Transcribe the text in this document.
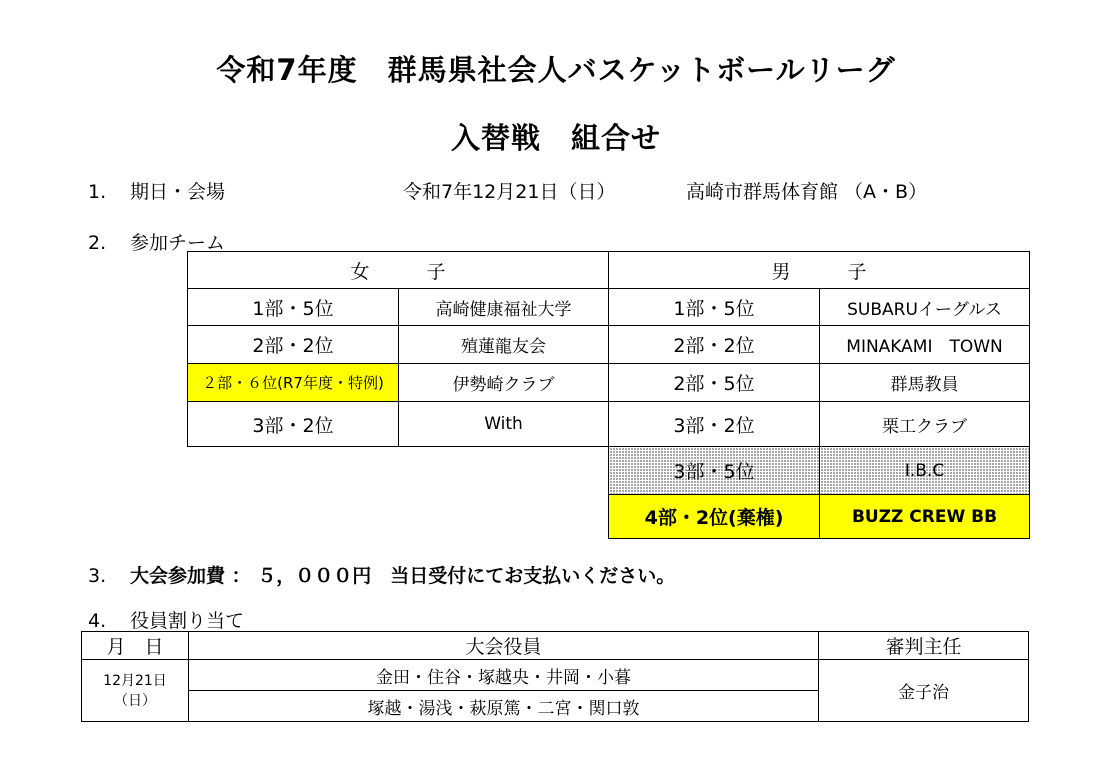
令和7年度　群馬県社会人バスケットボールリーグ
入替戦　組合せ
1. 期日・会場	令和7年12月21日（日）	高崎市群馬体育館 （A・B）
2. 参加チーム
女　　　子		男　　　子	
1部・5位	高崎健康福祉大学	1部・5位	SUBARUイーグルス
2部・2位	殖蓮龍友会	2部・2位	MINAKAMI　TOWN
２部・６位(R7年度・特例)	伊勢崎クラブ	2部・5位	群馬教員
3部・2位	With	3部・2位	栗工クラブ
		3部・5位	I.B.C
		4部・2位(棄権)	BUZZ CREW BB
3. 大会参加費 ： ５，０００円　当日受付にてお支払いください。
4. 役員割り当て
月　日	大会役員	審判主任

12月21日
（日）	金田・住谷・塚越央・井岡・小暮	金子治
	塚越・湯浅・萩原篤・二宮・関口敦	
